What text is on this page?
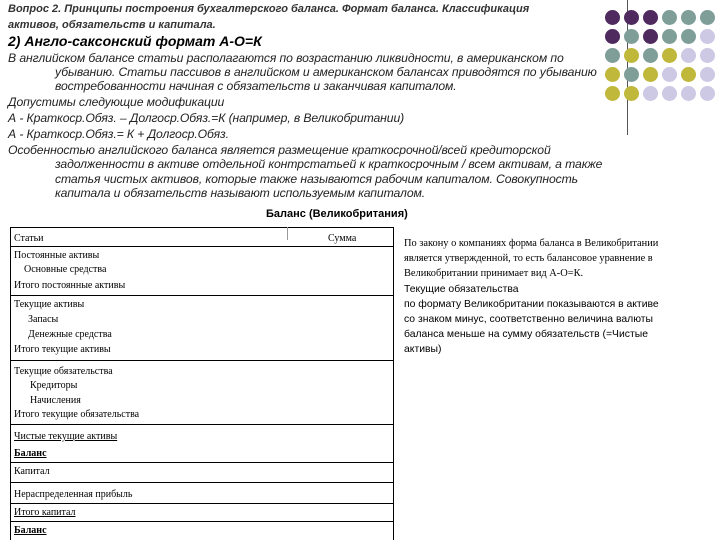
Вопрос 2. Принципы построения бухгалтерского баланса. Формат баланса. Классификация
активов, обязательств и капитала.
2) Англо-саксонский формат А-О=К
В английском балансе статьи располагаются по возрастанию ликвидности, в американском по
убыванию. Статьи пассивов в английском и американском балансах приводятся по убыванию
востребованности начиная с обязательств и заканчивая капиталом.
Допустимы следующие модификации
А - Краткоср.Обяз. – Долгоср.Обяз.=К (например, в Великобритании)
А - Краткоср.Обяз.= К + Долгоср.Обяз.
Особенностью английского баланса является размещение краткосрочной/всей кредиторской
задолженности в активе отдельной контрстатьей к краткосрочным / всем активам, а также
статья чистых активов, которые также называются рабочим капиталом. Совокупность
капитала и обязательств называют используемым капиталом.
Баланс (Великобритания)
Статьи	Сумма
Постоянные активы
Основные средства
Итого постоянные активы
Текущие активы
Запасы
Денежные средства
Итого текущие активы
Текущие обязательства
Кредиторы
Начисления
Итого текущие обязательства
Чистые текущие активы
Баланс
Капитал
Нераспределенная прибыль
Итого капитал
Баланс
По закону о компаниях форма баланса в Великобритании
является утвержденной, то есть балансовое уравнение в
Великобритании принимает вид А-О=К.
Текущие обязательства
по формату Великобритании показываются в активе
со знаком минус, соответственно величина валюты
баланса меньше на сумму обязательств (=Чистые
активы)
